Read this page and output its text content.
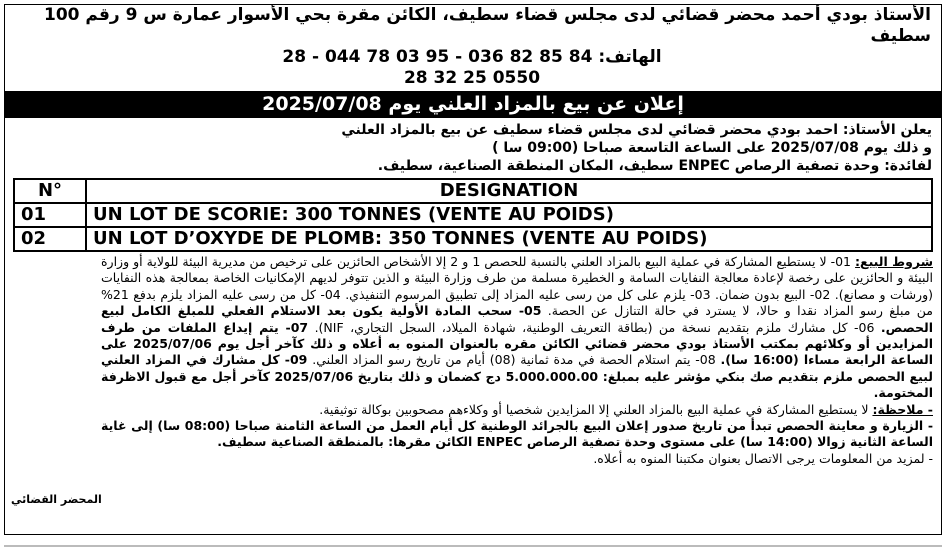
الأستاذ بودي أحمد محضر قضائي لدى مجلس قضاء سطيف، الكائن مقرة بحي الأسوار عمارة س 9 رقم 100 سطيف
الهاتف: 84 85 82 036 - 95 03 78 044 - 28
0550 25 32 28
إعلان عن بيع بالمزاد العلني يوم 2025/07/08
يعلن الأستاذ: احمد بودي محضر قضائي لدى مجلس قضاء سطيف عن بيع بالمزاد العلني
و ذلك يوم 2025/07/08 على الساعة التاسعة صباحا (09:00 سا )
لفائدة: وحدة تصفية الرصاص ENPEC سطيف، المكان المنطقة الصناعية، سطيف.
N°	DESIGNATION
01	UN LOT DE SCORIE: 300 TONNES (VENTE AU POIDS)
02	UN LOT D’OXYDE DE PLOMB: 350 TONNES (VENTE AU POIDS)
شروط البيع: 01- لا يستطيع المشاركة في عملية البيع بالمزاد العلني بالنسبة للحصص 1 و 2 إلا الأشخاص الحائزين على ترخيص من مديرية البيئة للولاية أو وزارة البيئة و الحائزين على رخصة لإعادة معالجة النفايات السامة و الخطيرة مسلمة من طرف وزارة البيئة و الذين تتوفر لديهم الإمكانيات الخاصة بمعالجة هذه النفايات (ورشات و مصانع). 02- البيع بدون ضمان. 03- يلزم على كل من رسى عليه المزاد إلى تطبيق المرسوم التنفيذي. 04- كل من رسى عليه المزاد يلزم بدفع 21% من مبلغ رسو المزاد نقدا و حالا، لا يسترد في حالة التنازل عن الحصة. 05- سحب المادة الأولية يكون بعد الاستلام الفعلي للمبلغ الكامل لبيع الحصص. 06- كل مشارك ملزم بتقديم نسخة من (بطاقة التعريف الوطنية، شهادة الميلاد، السجل التجاري، NIF). 07- يتم إيداع الملفات من طرف المزايدين أو وكلائهم بمكتب الأستاذ بودي محضر قضائي الكائن مقره بالعنوان المنوه به أعلاه و ذلك كآخر أجل يوم 2025/07/06 على الساعة الرابعة مساءا (16:00 سا). 08- يتم استلام الحصة في مدة ثمانية (08) أيام من تاريخ رسو المزاد العلني. 09- كل مشارك في المزاد العلني لبيع الحصص ملزم بتقديم صك بنكي مؤشر عليه بمبلغ: 5.000.000.00 دج كضمان و ذلك بتاريخ 2025/07/06 كآخر أجل مع قبول الاظرفة المختومة.
- ملاحظة: لا يستطيع المشاركة في عملية البيع بالمزاد العلني إلا المزايدين شخصيا أو وكلاءهم مصحوبين بوكالة توثيقية.
- الزيارة و معاينة الحصص تبدأ من تاريخ صدور إعلان البيع بالجرائد الوطنية كل أيام العمل من الساعة الثامنة صباحا (08:00 سا) إلى غاية الساعة الثانية زوالا (14:00 سا) على مستوى وحدة تصفية الرصاص ENPEC الكائن مقرها: بالمنطقة الصناعية سطيف.
- لمزيد من المعلومات يرجى الاتصال بعنوان مكتبنا المنوه به أعلاه.
المحضر القضائي
